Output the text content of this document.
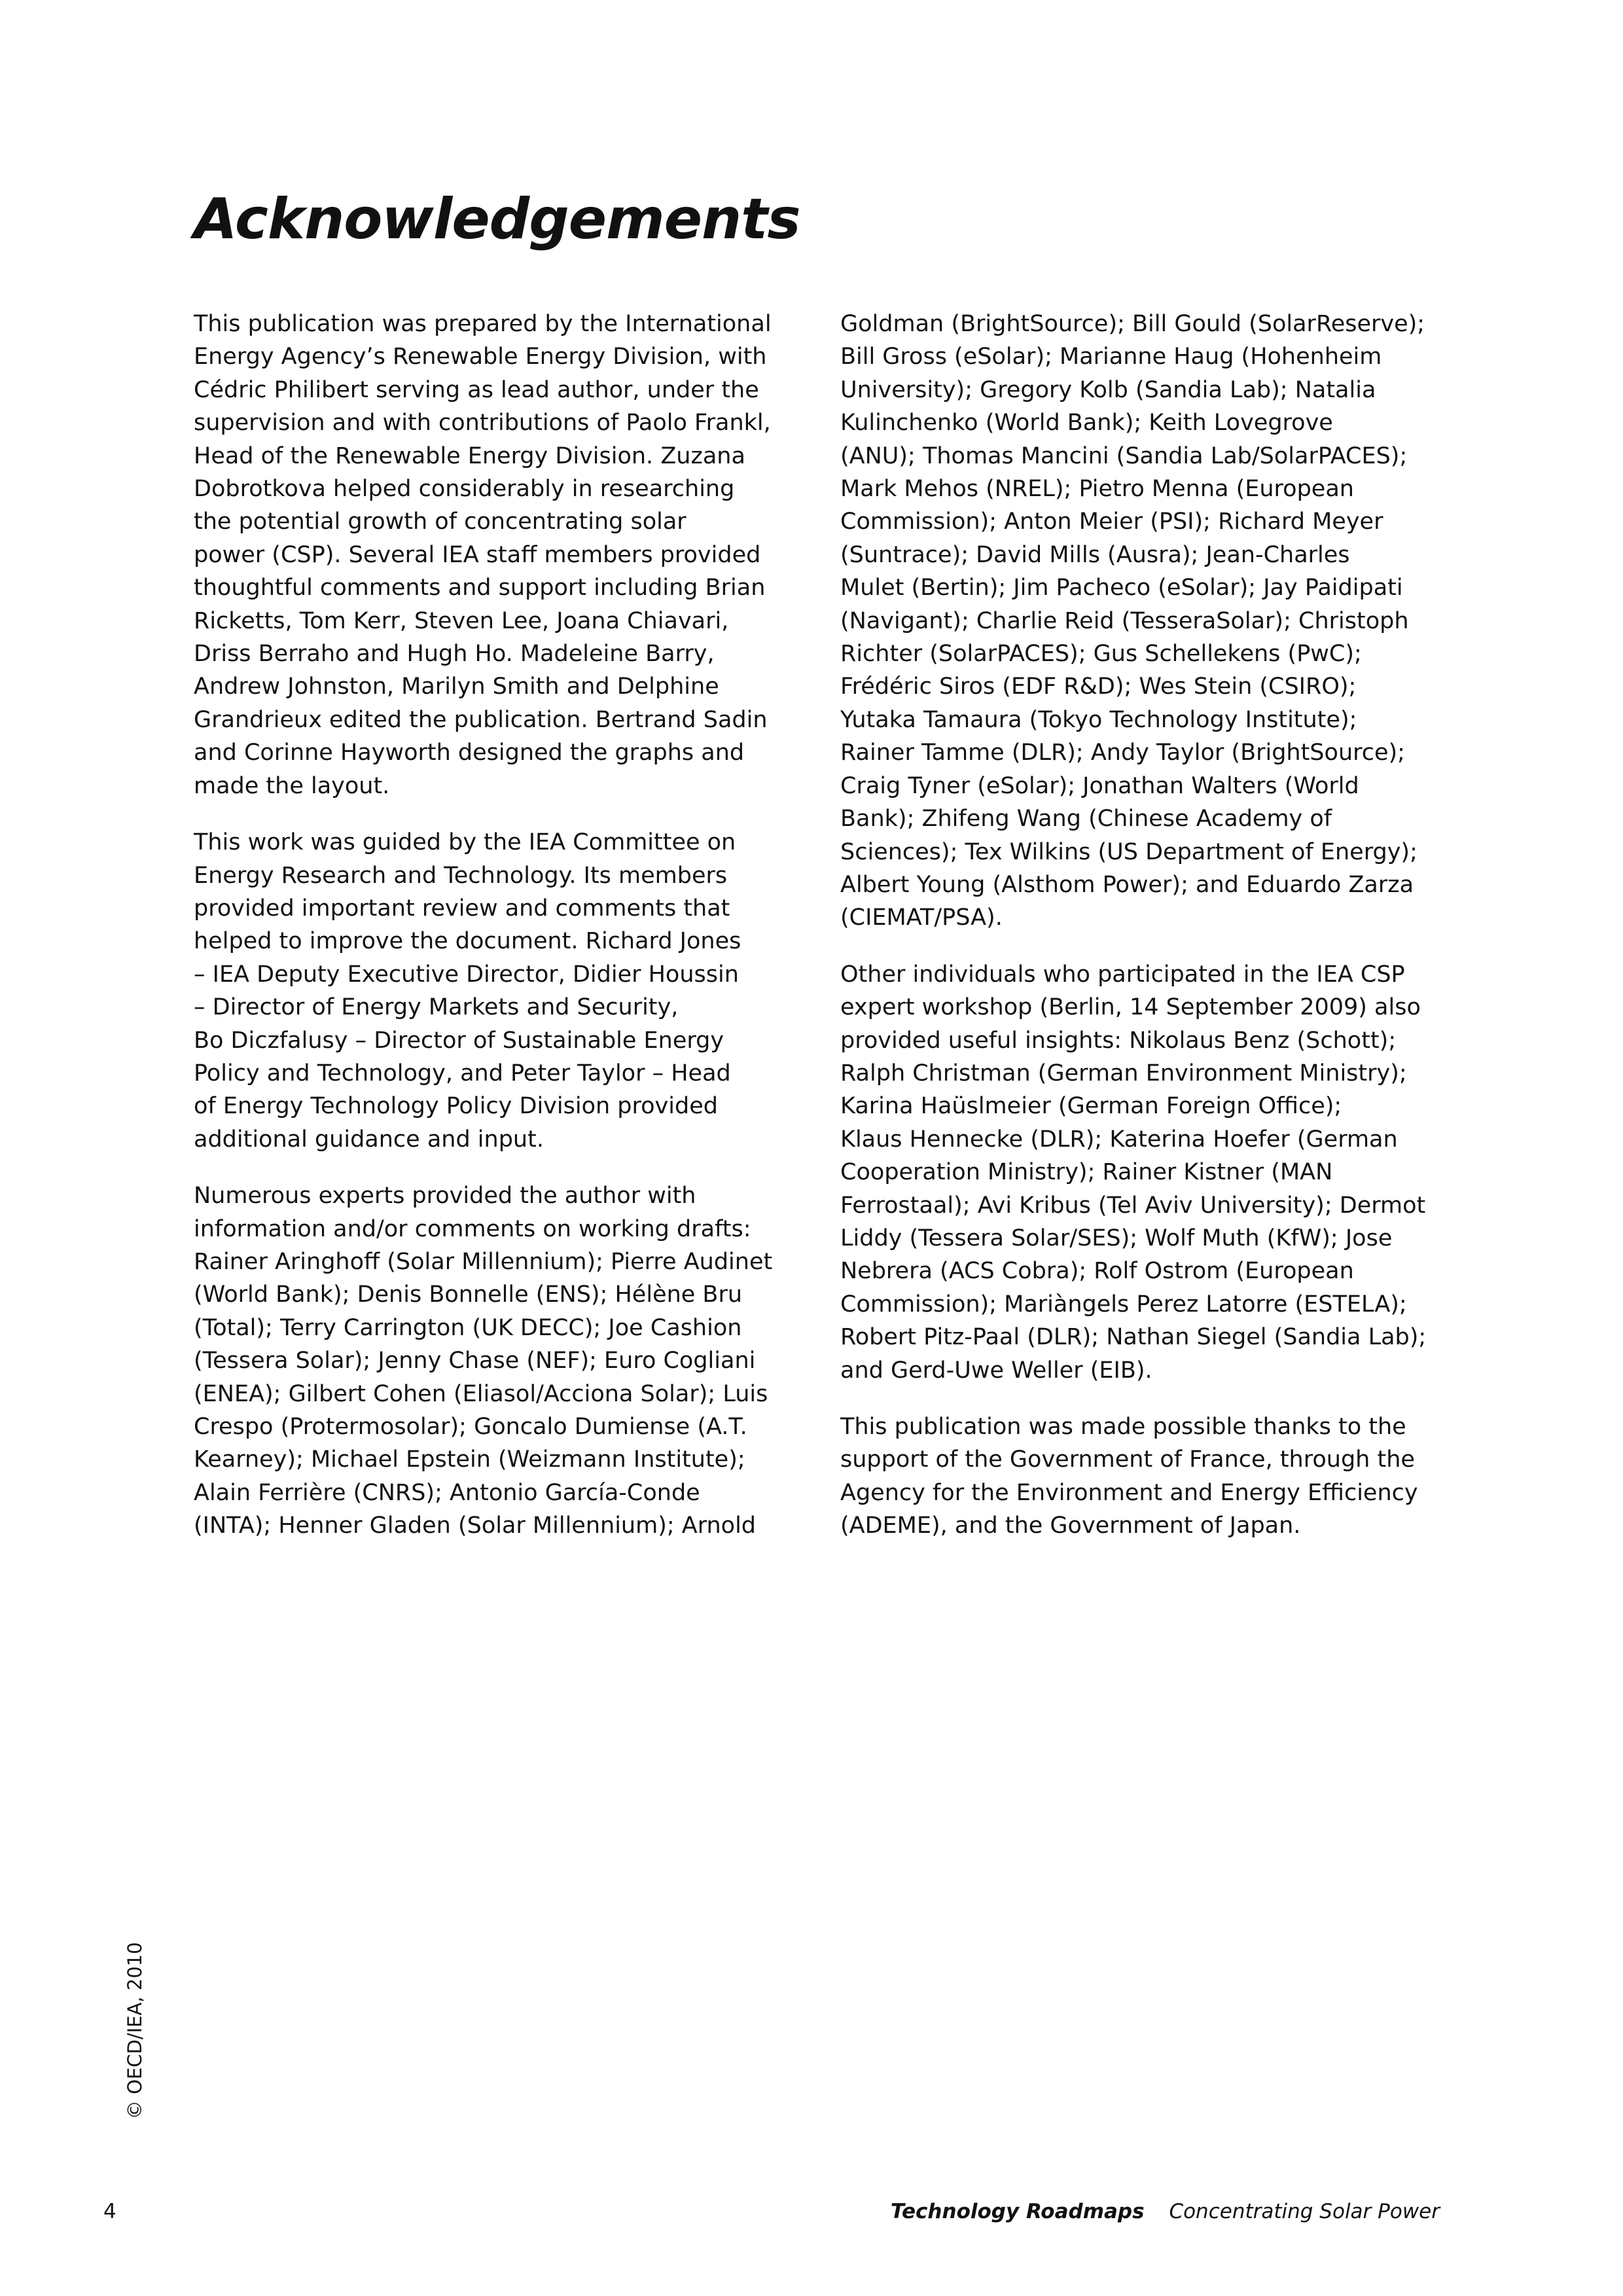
Acknowledgements

This publication was prepared by the International
Energy Agency’s Renewable Energy Division, with
Cédric Philibert serving as lead author, under the
supervision and with contributions of Paolo Frankl,
Head of the Renewable Energy Division. Zuzana
Dobrotkova helped considerably in researching
the potential growth of concentrating solar
power (CSP). Several IEA staff members provided
thoughtful comments and support including Brian
Ricketts, Tom Kerr, Steven Lee, Joana Chiavari,
Driss Berraho and Hugh Ho. Madeleine Barry,
Andrew Johnston, Marilyn Smith and Delphine
Grandrieux edited the publication. Bertrand Sadin
and Corinne Hayworth designed the graphs and
made the layout.

This work was guided by the IEA Committee on
Energy Research and Technology. Its members
provided important review and comments that
helped to improve the document. Richard Jones
– IEA Deputy Executive Director, Didier Houssin
– Director of Energy Markets and Security,
Bo Diczfalusy – Director of Sustainable Energy
Policy and Technology, and Peter Taylor – Head
of Energy Technology Policy Division provided
additional guidance and input.

Numerous experts provided the author with
information and/or comments on working drafts:
Rainer Aringhoff (Solar Millennium); Pierre Audinet
(World Bank); Denis Bonnelle (ENS); Hélène Bru
(Total); Terry Carrington (UK DECC); Joe Cashion
(Tessera Solar); Jenny Chase (NEF); Euro Cogliani
(ENEA); Gilbert Cohen (Eliasol/Acciona Solar); Luis
Crespo (Protermosolar); Goncalo Dumiense (A.T.
Kearney); Michael Epstein (Weizmann Institute);
Alain Ferrière (CNRS); Antonio García-Conde
(INTA); Henner Gladen (Solar Millennium); Arnold

Goldman (BrightSource); Bill Gould (SolarReserve);
Bill Gross (eSolar); Marianne Haug (Hohenheim
University); Gregory Kolb (Sandia Lab); Natalia
Kulinchenko (World Bank); Keith Lovegrove
(ANU); Thomas Mancini (Sandia Lab/SolarPACES);
Mark Mehos (NREL); Pietro Menna (European
Commission); Anton Meier (PSI); Richard Meyer
(Suntrace); David Mills (Ausra); Jean-Charles
Mulet (Bertin); Jim Pacheco (eSolar); Jay Paidipati
(Navigant); Charlie Reid (TesseraSolar); Christoph
Richter (SolarPACES); Gus Schellekens (PwC);
Frédéric Siros (EDF R&D); Wes Stein (CSIRO);
Yutaka Tamaura (Tokyo Technology Institute);
Rainer Tamme (DLR); Andy Taylor (BrightSource);
Craig Tyner (eSolar); Jonathan Walters (World
Bank); Zhifeng Wang (Chinese Academy of
Sciences); Tex Wilkins (US Department of Energy);
Albert Young (Alsthom Power); and Eduardo Zarza
(CIEMAT/PSA).

Other individuals who participated in the IEA CSP
expert workshop (Berlin, 14 September 2009) also
provided useful insights: Nikolaus Benz (Schott);
Ralph Christman (German Environment Ministry);
Karina Haüslmeier (German Foreign Office);
Klaus Hennecke (DLR); Katerina Hoefer (German
Cooperation Ministry); Rainer Kistner (MAN
Ferrostaal); Avi Kribus (Tel Aviv University); Dermot
Liddy (Tessera Solar/SES); Wolf Muth (KfW); Jose
Nebrera (ACS Cobra); Rolf Ostrom (European
Commission); Mariàngels Perez Latorre (ESTELA);
Robert Pitz-Paal (DLR); Nathan Siegel (Sandia Lab);
and Gerd-Uwe Weller (EIB).

This publication was made possible thanks to the
support of the Government of France, through the
Agency for the Environment and Energy Efficiency
(ADEME), and the Government of Japan.

© OECD/IEA, 2010
4	Technology Roadmaps Concentrating Solar Power
